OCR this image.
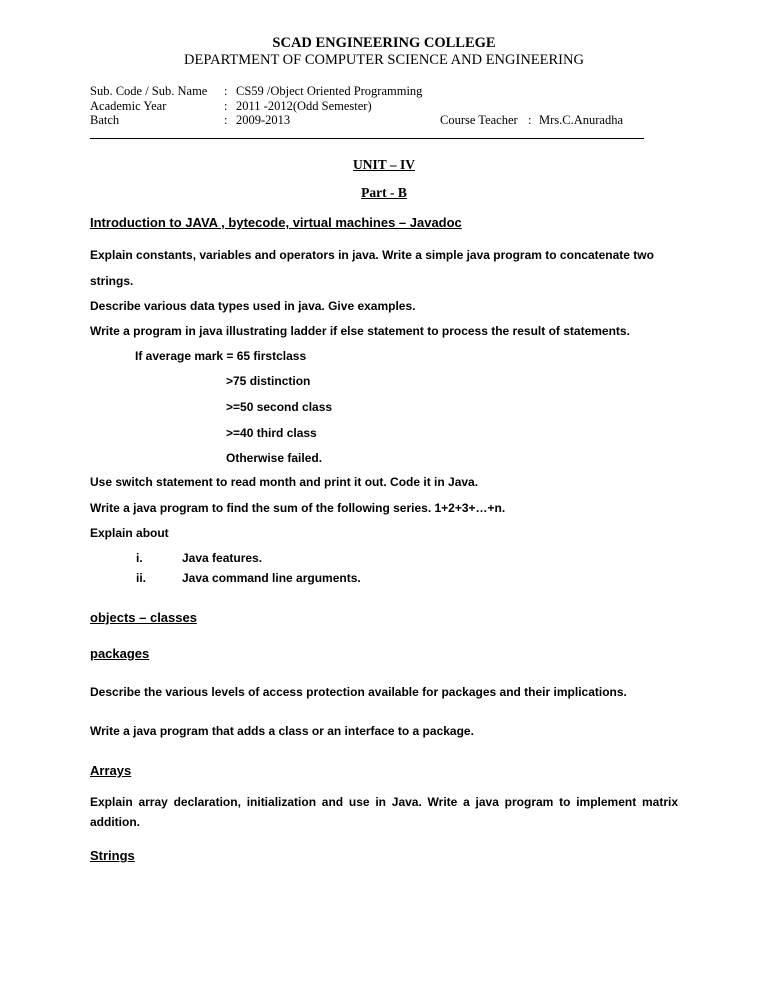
SCAD ENGINEERING COLLEGE
DEPARTMENT OF COMPUTER SCIENCE AND ENGINEERING
Sub. Code / Sub. Name : CS59 /Object Oriented Programming
Academic Year	: 2011 -2012(Odd Semester)
Batch	: 2009-2013	Course Teacher : Mrs.C.Anuradha
UNIT – IV
Part - B
Introduction to JAVA , bytecode, virtual machines – Javadoc
Explain constants, variables and operators in java. Write a simple java program to concatenate two
strings.
Describe various data types used in java. Give examples.
Write a program in java illustrating ladder if else statement to process the result of statements.
If average mark = 65 firstclass
>75 distinction
>=50 second class
>=40 third class
Otherwise failed.
Use switch statement to read month and print it out. Code it in Java.
Write a java program to find the sum of the following series. 1+2+3+…+n.
Explain about
i.	Java features.
ii.	Java command line arguments.
objects – classes
packages
Describe the various levels of access protection available for packages and their implications.
Write a java program that adds a class or an interface to a package.
Arrays
Explain array declaration, initialization and use in Java. Write a java program to implement matrix addition.
Strings
